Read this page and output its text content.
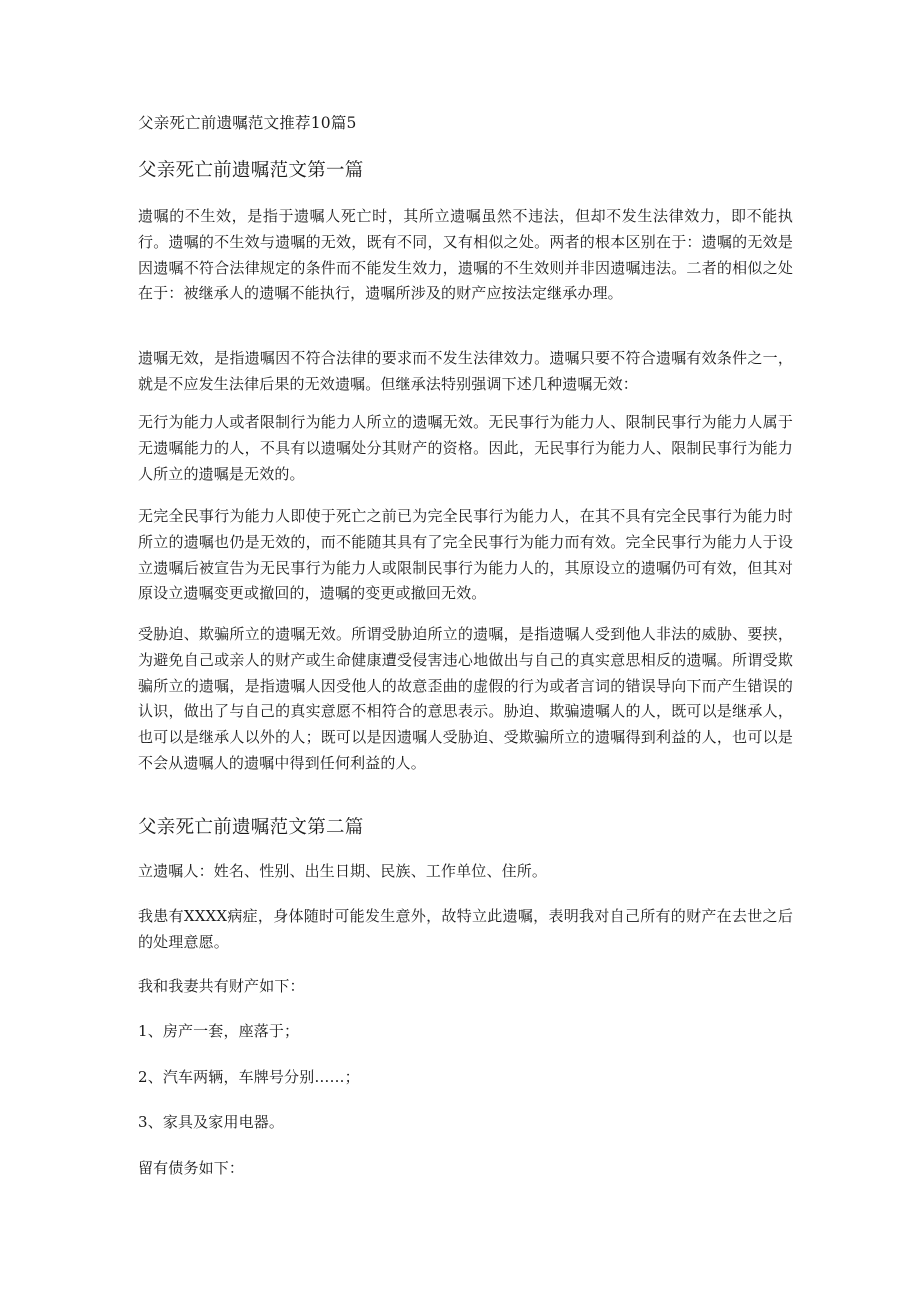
父亲死亡前遗嘱范文推荐10篇5
父亲死亡前遗嘱范文第一篇

遗嘱的不生效，是指于遗嘱人死亡时，其所立遗嘱虽然不违法，但却不发生法律效力，即不能执行。遗嘱的不生效与遗嘱的无效，既有不同，又有相似之处。两者的根本区别在于：遗嘱的无效是因遗嘱不符合法律规定的条件而不能发生效力，遗嘱的不生效则并非因遗嘱违法。二者的相似之处在于：被继承人的遗嘱不能执行，遗嘱所涉及的财产应按法定继承办理。

遗嘱无效，是指遗嘱因不符合法律的要求而不发生法律效力。遗嘱只要不符合遗嘱有效条件之一，就是不应发生法律后果的无效遗嘱。但继承法特别强调下述几种遗嘱无效：

无行为能力人或者限制行为能力人所立的遗嘱无效。无民事行为能力人、限制民事行为能力人属于无遗嘱能力的人，不具有以遗嘱处分其财产的资格。因此，无民事行为能力人、限制民事行为能力人所立的遗嘱是无效的。

无完全民事行为能力人即使于死亡之前已为完全民事行为能力人，在其不具有完全民事行为能力时所立的遗嘱也仍是无效的，而不能随其具有了完全民事行为能力而有效。完全民事行为能力人于设立遗嘱后被宣告为无民事行为能力人或限制民事行为能力人的，其原设立的遗嘱仍可有效，但其对原设立遗嘱变更或撤回的，遗嘱的变更或撤回无效。

受胁迫、欺骗所立的遗嘱无效。所谓受胁迫所立的遗嘱，是指遗嘱人受到他人非法的威胁、要挟，为避免自己或亲人的财产或生命健康遭受侵害违心地做出与自己的真实意思相反的遗嘱。所谓受欺骗所立的遗嘱，是指遗嘱人因受他人的故意歪曲的虚假的行为或者言词的错误导向下而产生错误的认识，做出了与自己的真实意愿不相符合的意思表示。胁迫、欺骗遗嘱人的人，既可以是继承人，也可以是继承人以外的人；既可以是因遗嘱人受胁迫、受欺骗所立的遗嘱得到利益的人，也可以是不会从遗嘱人的遗嘱中得到任何利益的人。

父亲死亡前遗嘱范文第二篇

立遗嘱人：姓名、性别、出生日期、民族、工作单位、住所。

我患有XXXX病症，身体随时可能发生意外，故特立此遗嘱，表明我对自己所有的财产在去世之后的处理意愿。

我和我妻共有财产如下：

1、房产一套，座落于；

2、汽车两辆，车牌号分别……；

3、家具及家用电器。

留有债务如下：
